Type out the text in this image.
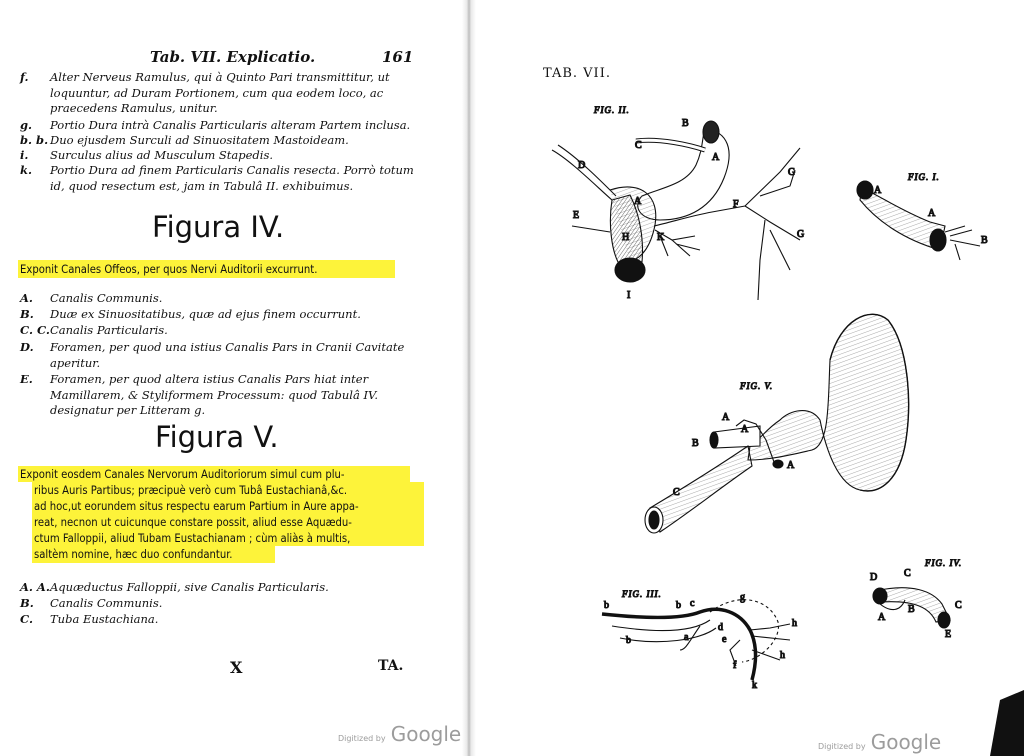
Tab. VII. Explicatio.	161
f. Alter Nerveus Ramulus, qui à Quinto Pari transmittitur, ut loquuntur, ad Duram Portionem, cum qua eodem loco, ac praecedens Ramulus, unitur.
g. Portio Dura intrà Canalis Particularis alteram Partem inclusa.
b. b. Duo ejusdem Surculi ad Sinuositatem Mastoideam.
i. Surculus alius ad Musculum Stapedis.
k. Portio Dura ad finem Particularis Canalis resecta. Porrò totum id, quod resectum est, jam in Tabulâ II. exhibuimus.
Figura IV.
Exponit Canales Offeos, per quos Nervi Auditorii excurrunt.
A. Canalis Communis.
B. Duæ ex Sinuositatibus, quæ ad ejus finem occurrunt.
C. C. Canalis Particularis.
D. Foramen, per quod una istius Canalis Pars in Cranii Cavitate aperitur.
E. Foramen, per quod altera istius Canalis Pars hiat inter Mamillarem, & Styliformem Processum: quod Tabulâ IV. designatur per Litteram g.
Figura V.
Exponit eosdem Canales Nervorum Auditoriorum simul cum plu-
ribus Auris Partibus; præcipuè verò cum Tubâ Eustachianâ,&c.
ad hoc,ut eorundem situs respectu earum Partium in Aure appa-
reat, necnon ut cuicunque constare possit, aliud esse Aquædu-
ctum Falloppii, aliud Tubam Eustachianam ; cùm aliàs à multis,
saltèm nomine, hæc duo confundantur.
A. A. Aquæductus Falloppii, sive Canalis Particularis.
B. Canalis Communis.
C. Tuba Eustachiana.
X	TA.
Digitized by Google
TAB. VII.
FIG. II.
B
C
A
D
A
E
H	K
F
G
G
I
FIG. I.
A
A
B
FIG. V.
A
A
B
A
C
FIG. III.
b	b c
g
b	a
d
e
h
h
f
k
FIG. IV.
D	C
C
B
A
E
Digitized by Google
